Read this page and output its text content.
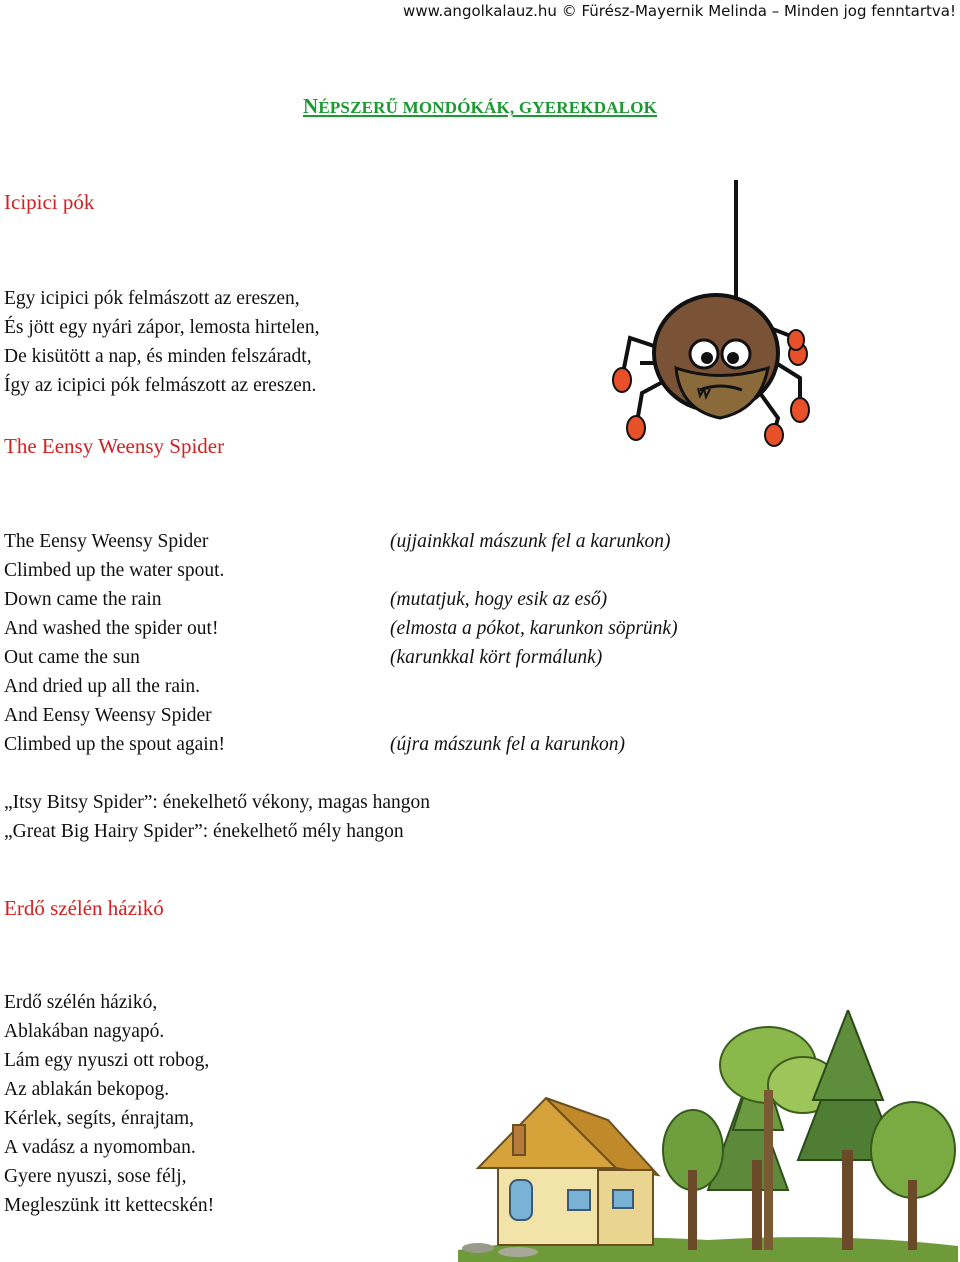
www.angolkalauz.hu © Fürész-Mayernik Melinda – Minden jog fenntartva!
NÉPSZERŰ MONDÓKÁK, GYEREKDALOK
Icipici pók
Egy icipici pók felmászott az ereszen,
És jött egy nyári zápor, lemosta hirtelen,
De kisütött a nap, és minden felszáradt,
Így az icipici pók felmászott az ereszen.
The Eensy Weensy Spider
The Eensy Weensy Spider
Climbed up the water spout.
Down came the rain
And washed the spider out!
Out came the sun
And dried up all the rain.
And Eensy Weensy Spider
Climbed up the spout again!
(ujjainkkal mászunk fel a karunkon)
(mutatjuk, hogy esik az eső)
(elmosta a pókot, karunkon söprünk)
(karunkkal kört formálunk)
(újra mászunk fel a karunkon)
„Itsy Bitsy Spider”: énekelhető vékony, magas hangon
„Great Big Hairy Spider”: énekelhető mély hangon
Erdő szélén házikó
Erdő szélén házikó,
Ablakában nagyapó.
Lám egy nyuszi ott robog,
Az ablakán bekopog.
Kérlek, segíts, énrajtam,
A vadász a nyomomban.
Gyere nyuszi, sose félj,
Megleszünk itt kettecskén!
